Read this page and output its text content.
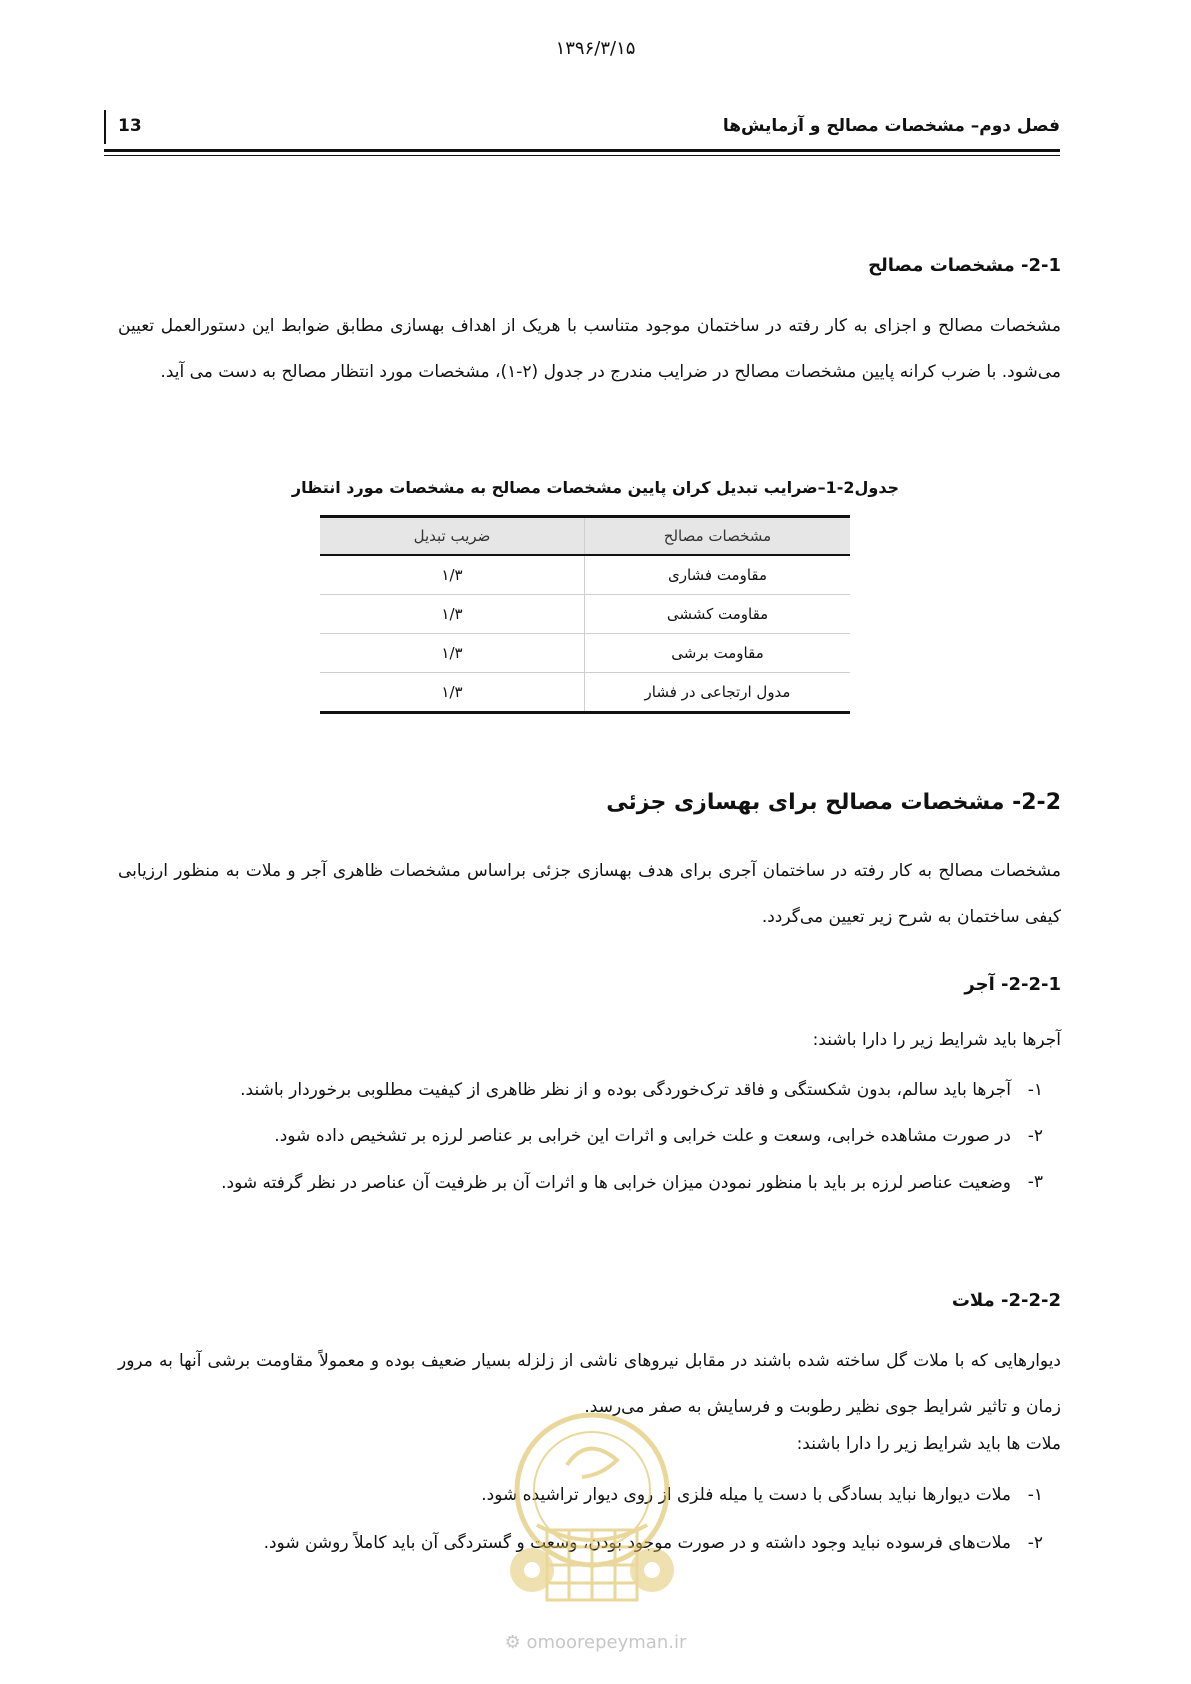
۱۳۹۶/۳/۱۵
13	فصل دوم– مشخصات مصالح و آزمایش‌ها
2-1- مشخصات مصالح
مشخصات مصالح و اجزای به کار رفته در ساختمان موجود متناسب با هریک از اهداف بهسازی مطابق ضوابط این دستورالعمل تعیین می‌شود. با ضرب کرانه پایین مشخصات مصالح در ضرایب مندرج در جدول (۲-۱)، مشخصات مورد انتظار مصالح به دست می آید.
جدول2-1–ضرایب تبدیل کران پایین مشخصات مصالح به مشخصات مورد انتظار
مشخصات مصالح	ضریب تبدیل
مقاومت فشاری	۱/۳
مقاومت کششی	۱/۳
مقاومت برشی	۱/۳
مدول ارتجاعی در فشار	۱/۳
2-2- مشخصات مصالح برای بهسازی جزئی
مشخصات مصالح به کار رفته در ساختمان آجری برای هدف بهسازی جزئی براساس مشخصات ظاهری آجر و ملات به منظور ارزیابی کیفی ساختمان به شرح زیر تعیین می‌گردد.
2-2-1- آجر
آجرها باید شرایط زیر را دارا باشند:
۱-آجرها باید سالم، بدون شکستگی و فاقد ترک‌خوردگی بوده و از نظر ظاهری از کیفیت مطلوبی برخوردار باشند.
۲-در صورت مشاهده خرابی، وسعت و علت خرابی و اثرات این خرابی بر عناصر لرزه بر تشخیص داده شود.
۳-
وضعیت عناصر لرزه بر باید با منظور نمودن میزان خرابی ها و اثرات آن بر ظرفیت آن عناصر در نظر گرفته شود.
2-2-2- ملات
دیوارهایی که با ملات گل ساخته شده باشند در مقابل نیروهای ناشی از زلزله بسیار ضعیف بوده و معمولاً مقاومت برشی آنها به مرور زمان و تاثیر شرایط جوی نظیر رطوبت و فرسایش به صفر می‌رسد.
ملات ها باید شرایط زیر را دارا باشند:
۱-ملات دیوارها نباید بسادگی با دست یا میله فلزی از روی دیوار تراشیده شود.
۲-ملات‌های فرسوده نباید وجود داشته و در صورت موجود بودن، وسعت و گستردگی آن باید کاملاً روشن شود.
⚙ omoorepeyman.ir
